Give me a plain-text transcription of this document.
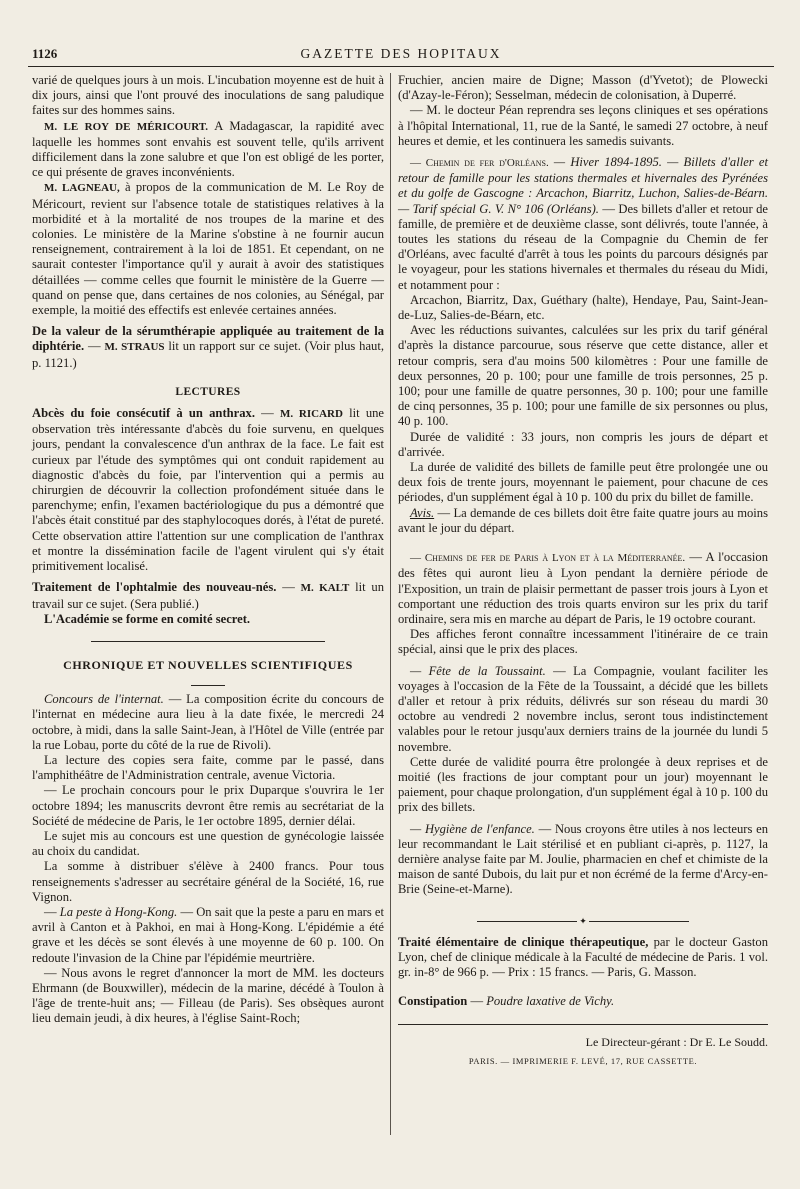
1126	GAZETTE DES HOPITAUX

varié de quelques jours à un mois. L'incubation moyenne est de huit à dix jours, ainsi que l'ont prouvé des inoculations de sang paludique faites sur des hommes sains.

M. LE ROY DE MÉRICOURT. A Madagascar, la rapidité avec laquelle les hommes sont envahis est souvent telle, qu'ils arrivent difficilement dans la zone salubre et que l'on est obligé de les porter, ce qui présente de graves inconvénients.

M. LAGNEAU, à propos de la communication de M. Le Roy de Méricourt, revient sur l'absence totale de statistiques relatives à la morbidité et à la mortalité de nos troupes de la marine et des colonies. Le ministère de la Marine s'obstine à ne fournir aucun renseignement, contrairement à la loi de 1851. Et cependant, on ne saurait contester l'importance qu'il y aurait à avoir des statistiques détaillées — comme celles que fournit le ministère de la Guerre — quand on pense que, dans certaines de nos colonies, au Sénégal, par exemple, la moitié des effectifs est enlevée certaines années.

De la valeur de la sérumthérapie appliquée au traitement de la diphtérie. — M. STRAUS lit un rapport sur ce sujet. (Voir plus haut, p. 1121.)

LECTURES

Abcès du foie consécutif à un anthrax. — M. RICARD lit une observation très intéressante d'abcès du foie survenu, en quelques jours, pendant la convalescence d'un anthrax de la face. Le fait est curieux par l'étude des symptômes qui ont conduit rapidement au diagnostic d'abcès du foie, par l'intervention qui a permis au chirurgien de découvrir la collection profondément située dans le parenchyme; enfin, l'examen bactériologique du pus a démontré que l'abcès était constitué par des staphylocoques dorés, à l'état de pureté. Cette observation attire l'attention sur une complication de l'anthrax et montre la dissémination facile de l'agent virulent qui s'y était primitivement localisé.

Traitement de l'ophtalmie des nouveau-nés. — M. KALT lit un travail sur ce sujet. (Sera publié.)

L'Académie se forme en comité secret.

CHRONIQUE ET NOUVELLES SCIENTIFIQUES

Concours de l'internat. — La composition écrite du concours de l'internat en médecine aura lieu à la date fixée, le mercredi 24 octobre, à midi, dans la salle Saint-Jean, à l'Hôtel de Ville (entrée par la rue Lobau, porte du côté de la rue de Rivoli).

La lecture des copies sera faite, comme par le passé, dans l'amphithéâtre de l'Administration centrale, avenue Victoria.

— Le prochain concours pour le prix Duparque s'ouvrira le 1er octobre 1894; les manuscrits devront être remis au secrétariat de la Société de médecine de Paris, le 1er octobre 1895, dernier délai.

Le sujet mis au concours est une question de gynécologie laissée au choix du candidat.

La somme à distribuer s'élève à 2400 francs. Pour tous renseignements s'adresser au secrétaire général de la Société, 16, rue Vignon.

— La peste à Hong-Kong. — On sait que la peste a paru en mars et avril à Canton et à Pakhoi, en mai à Hong-Kong. L'épidémie a été grave et les décès se sont élevés à une moyenne de 60 p. 100. On redoute l'invasion de la Chine par l'épidémie meurtrière.

— Nous avons le regret d'annoncer la mort de MM. les docteurs Ehrmann (de Bouxwiller), médecin de la marine, décédé à Toulon à l'âge de trente-huit ans; — Filleau (de Paris). Ses obsèques auront lieu demain jeudi, à dix heures, à l'église Saint-Roch;

Fruchier, ancien maire de Digne; Masson (d'Yvetot); de Plowecki (d'Azay-le-Féron); Sesselman, médecin de colonisation, à Duperré.

— M. le docteur Péan reprendra ses leçons cliniques et ses opérations à l'hôpital International, 11, rue de la Santé, le samedi 27 octobre, à neuf heures et demie, et les continuera les samedis suivants.

— Chemin de fer d'Orléans. — Hiver 1894-1895. — Billets d'aller et retour de famille pour les stations thermales et hivernales des Pyrénées et du golfe de Gascogne : Arcachon, Biarritz, Luchon, Salies-de-Béarn. — Tarif spécial G. V. N° 106 (Orléans). — Des billets d'aller et retour de famille, de première et de deuxième classe, sont délivrés, toute l'année, à toutes les stations du réseau de la Compagnie du Chemin de fer d'Orléans, avec faculté d'arrêt à tous les points du parcours désignés par le voyageur, pour les stations hivernales et thermales du réseau du Midi, et notamment pour :

Arcachon, Biarritz, Dax, Guéthary (halte), Hendaye, Pau, Saint-Jean-de-Luz, Salies-de-Béarn, etc.

Avec les réductions suivantes, calculées sur les prix du tarif général d'après la distance parcourue, sous réserve que cette distance, aller et retour compris, sera d'au moins 500 kilomètres : Pour une famille de deux personnes, 20 p. 100; pour une famille de trois personnes, 25 p. 100; pour une famille de quatre personnes, 30 p. 100; pour une famille de cinq personnes, 35 p. 100; pour une famille de six personnes ou plus, 40 p. 100.

Durée de validité : 33 jours, non compris les jours de départ et d'arrivée.

La durée de validité des billets de famille peut être prolongée une ou deux fois de trente jours, moyennant le paiement, pour chacune de ces périodes, d'un supplément égal à 10 p. 100 du prix du billet de famille.

Avis. — La demande de ces billets doit être faite quatre jours au moins avant le jour du départ.

— Chemins de fer de Paris à Lyon et à la Méditerranée. — A l'occasion des fêtes qui auront lieu à Lyon pendant la dernière période de l'Exposition, un train de plaisir permettant de passer trois jours à Lyon et comportant une réduction des trois quarts environ sur les prix du tarif ordinaire, sera mis en marche au départ de Paris, le 19 octobre courant.

Des affiches feront connaître incessamment l'itinéraire de ce train spécial, ainsi que le prix des places.

— Fête de la Toussaint. — La Compagnie, voulant faciliter les voyages à l'occasion de la Fête de la Toussaint, a décidé que les billets d'aller et retour à prix réduits, délivrés sur son réseau du mardi 30 octobre au vendredi 2 novembre inclus, seront tous indistinctement valables pour le retour jusqu'aux derniers trains de la journée du lundi 5 novembre.

Cette durée de validité pourra être prolongée à deux reprises et de moitié (les fractions de jour comptant pour un jour) moyennant le paiement, pour chaque prolongation, d'un supplément égal à 10 p. 100 du prix des billets.

— Hygiène de l'enfance. — Nous croyons être utiles à nos lecteurs en leur recommandant le Lait stérilisé et en publiant ci-après, p. 1127, la dernière analyse faite par M. Joulie, pharmacien en chef et chimiste de la maison de santé Dubois, du lait pur et non écrémé de la ferme d'Arcy-en-Brie (Seine-et-Marne).

✦

Traité élémentaire de clinique thérapeutique, par le docteur Gaston Lyon, chef de clinique médicale à la Faculté de médecine de Paris. 1 vol. gr. in-8° de 966 p. — Prix : 15 francs. — Paris, G. Masson.

Constipation — Poudre laxative de Vichy.

Le Directeur-gérant : Dr E. Le Soudd.
PARIS. — IMPRIMERIE F. LEVÉ, 17, RUE CASSETTE.
